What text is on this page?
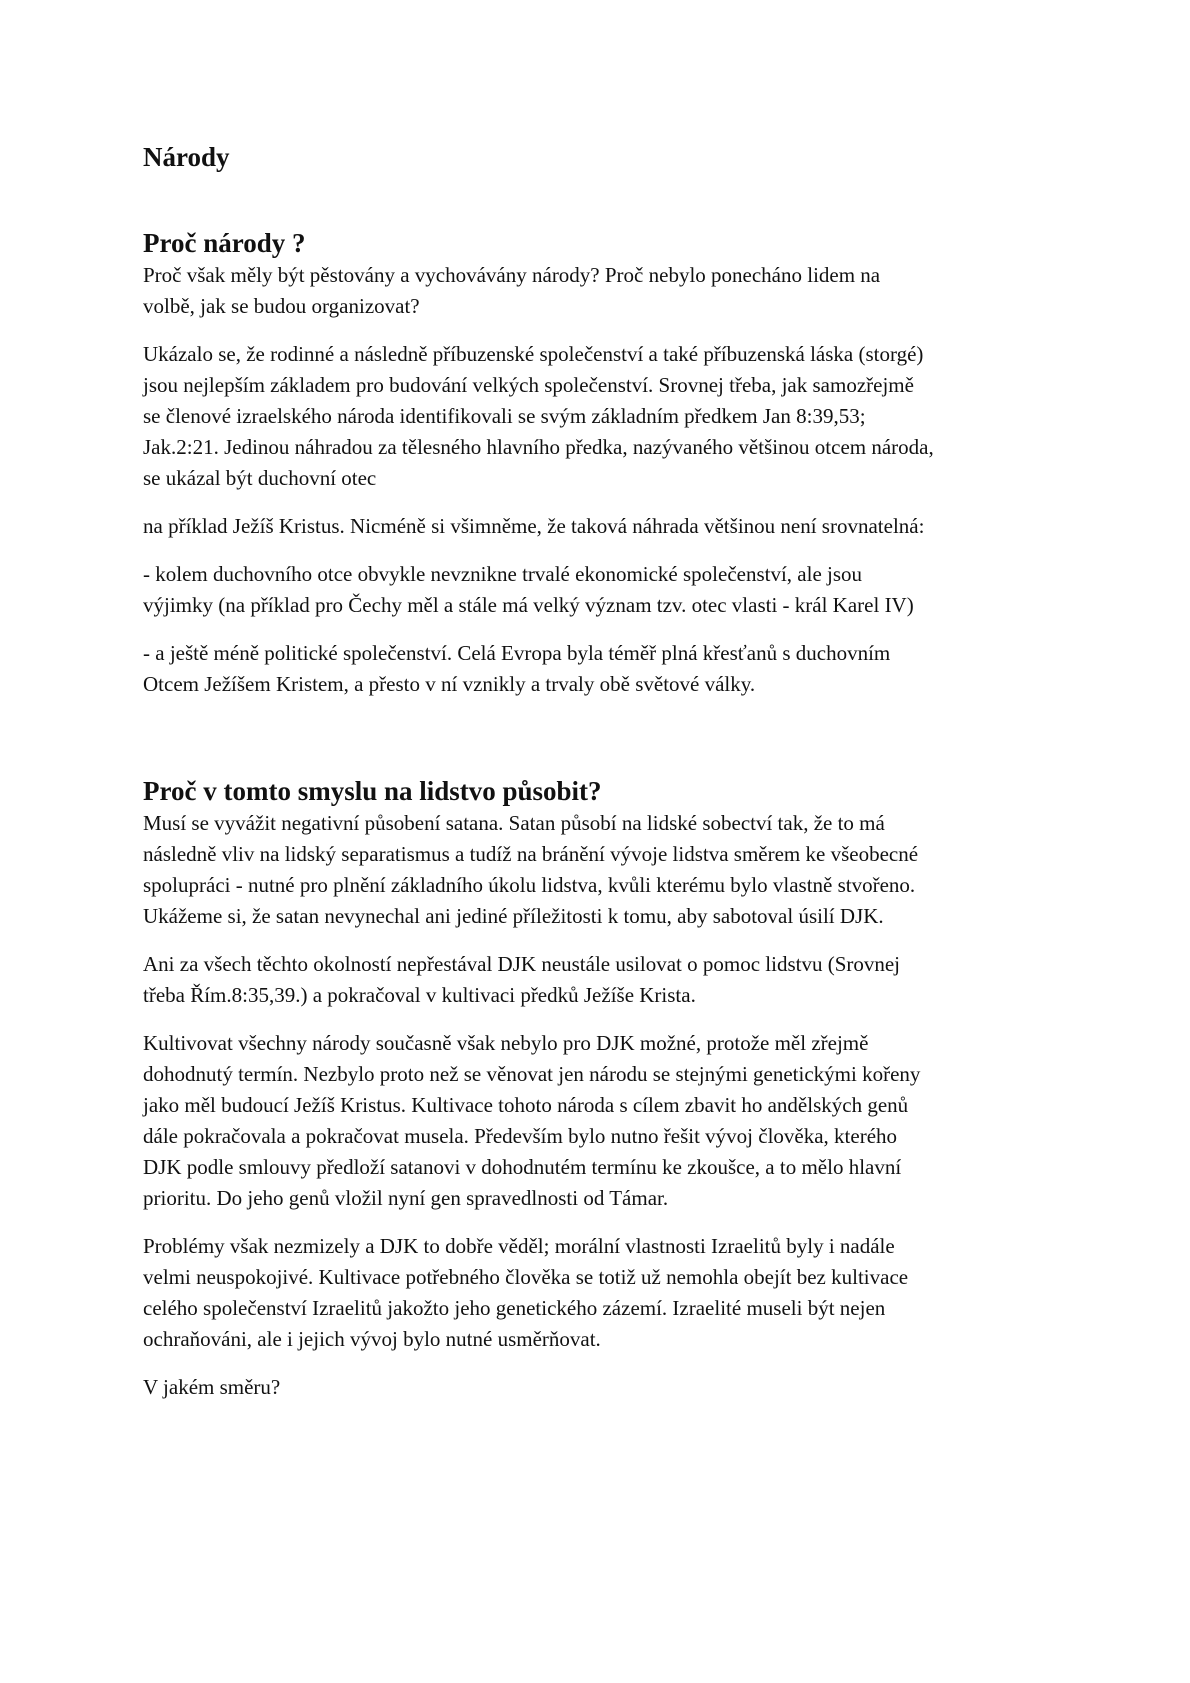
Národy
Proč národy ?

Proč však měly být pěstovány a vychovávány národy? Proč nebylo ponecháno lidem na
volbě, jak se budou organizovat?

Ukázalo se, že rodinné a následně příbuzenské společenství a také příbuzenská láska (storgé)
jsou nejlepším základem pro budování velkých společenství. Srovnej třeba, jak samozřejmě
se členové izraelského národa identifikovali se svým základním předkem Jan 8:39,53;
Jak.2:21. Jedinou náhradou za tělesného hlavního předka, nazývaného většinou otcem národa,
se ukázal být duchovní otec

na příklad Ježíš Kristus. Nicméně si všimněme, že taková náhrada většinou není srovnatelná:

- kolem duchovního otce obvykle nevznikne trvalé ekonomické společenství, ale jsou
výjimky (na příklad pro Čechy měl a stále má velký význam tzv. otec vlasti - král Karel IV)

- a ještě méně politické společenství. Celá Evropa byla téměř plná křesťanů s duchovním
Otcem Ježíšem Kristem, a přesto v ní vznikly a trvaly obě světové války.

Proč v tomto smyslu na lidstvo působit?

Musí se vyvážit negativní působení satana. Satan působí na lidské sobectví tak, že to má
následně vliv na lidský separatismus a tudíž na bránění vývoje lidstva směrem ke všeobecné
spolupráci - nutné pro plnění základního úkolu lidstva, kvůli kterému bylo vlastně stvořeno.
Ukážeme si, že satan nevynechal ani jediné příležitosti k tomu, aby sabotoval úsilí DJK.

Ani za všech těchto okolností nepřestával DJK neustále usilovat o pomoc lidstvu (Srovnej
třeba Řím.8:35,39.) a pokračoval v kultivaci předků Ježíše Krista.

Kultivovat všechny národy současně však nebylo pro DJK možné, protože měl zřejmě
dohodnutý termín. Nezbylo proto než se věnovat jen národu se stejnými genetickými kořeny
jako měl budoucí Ježíš Kristus. Kultivace tohoto národa s cílem zbavit ho andělských genů
dále pokračovala a pokračovat musela. Především bylo nutno řešit vývoj člověka, kterého
DJK podle smlouvy předloží satanovi v dohodnutém termínu ke zkoušce, a to mělo hlavní
prioritu. Do jeho genů vložil nyní gen spravedlnosti od Támar.

Problémy však nezmizely a DJK to dobře věděl; morální vlastnosti Izraelitů byly i nadále
velmi neuspokojivé. Kultivace potřebného člověka se totiž už nemohla obejít bez kultivace
celého společenství Izraelitů jakožto jeho genetického zázemí. Izraelité museli být nejen
ochraňováni, ale i jejich vývoj bylo nutné usměrňovat.

V jakém směru?
